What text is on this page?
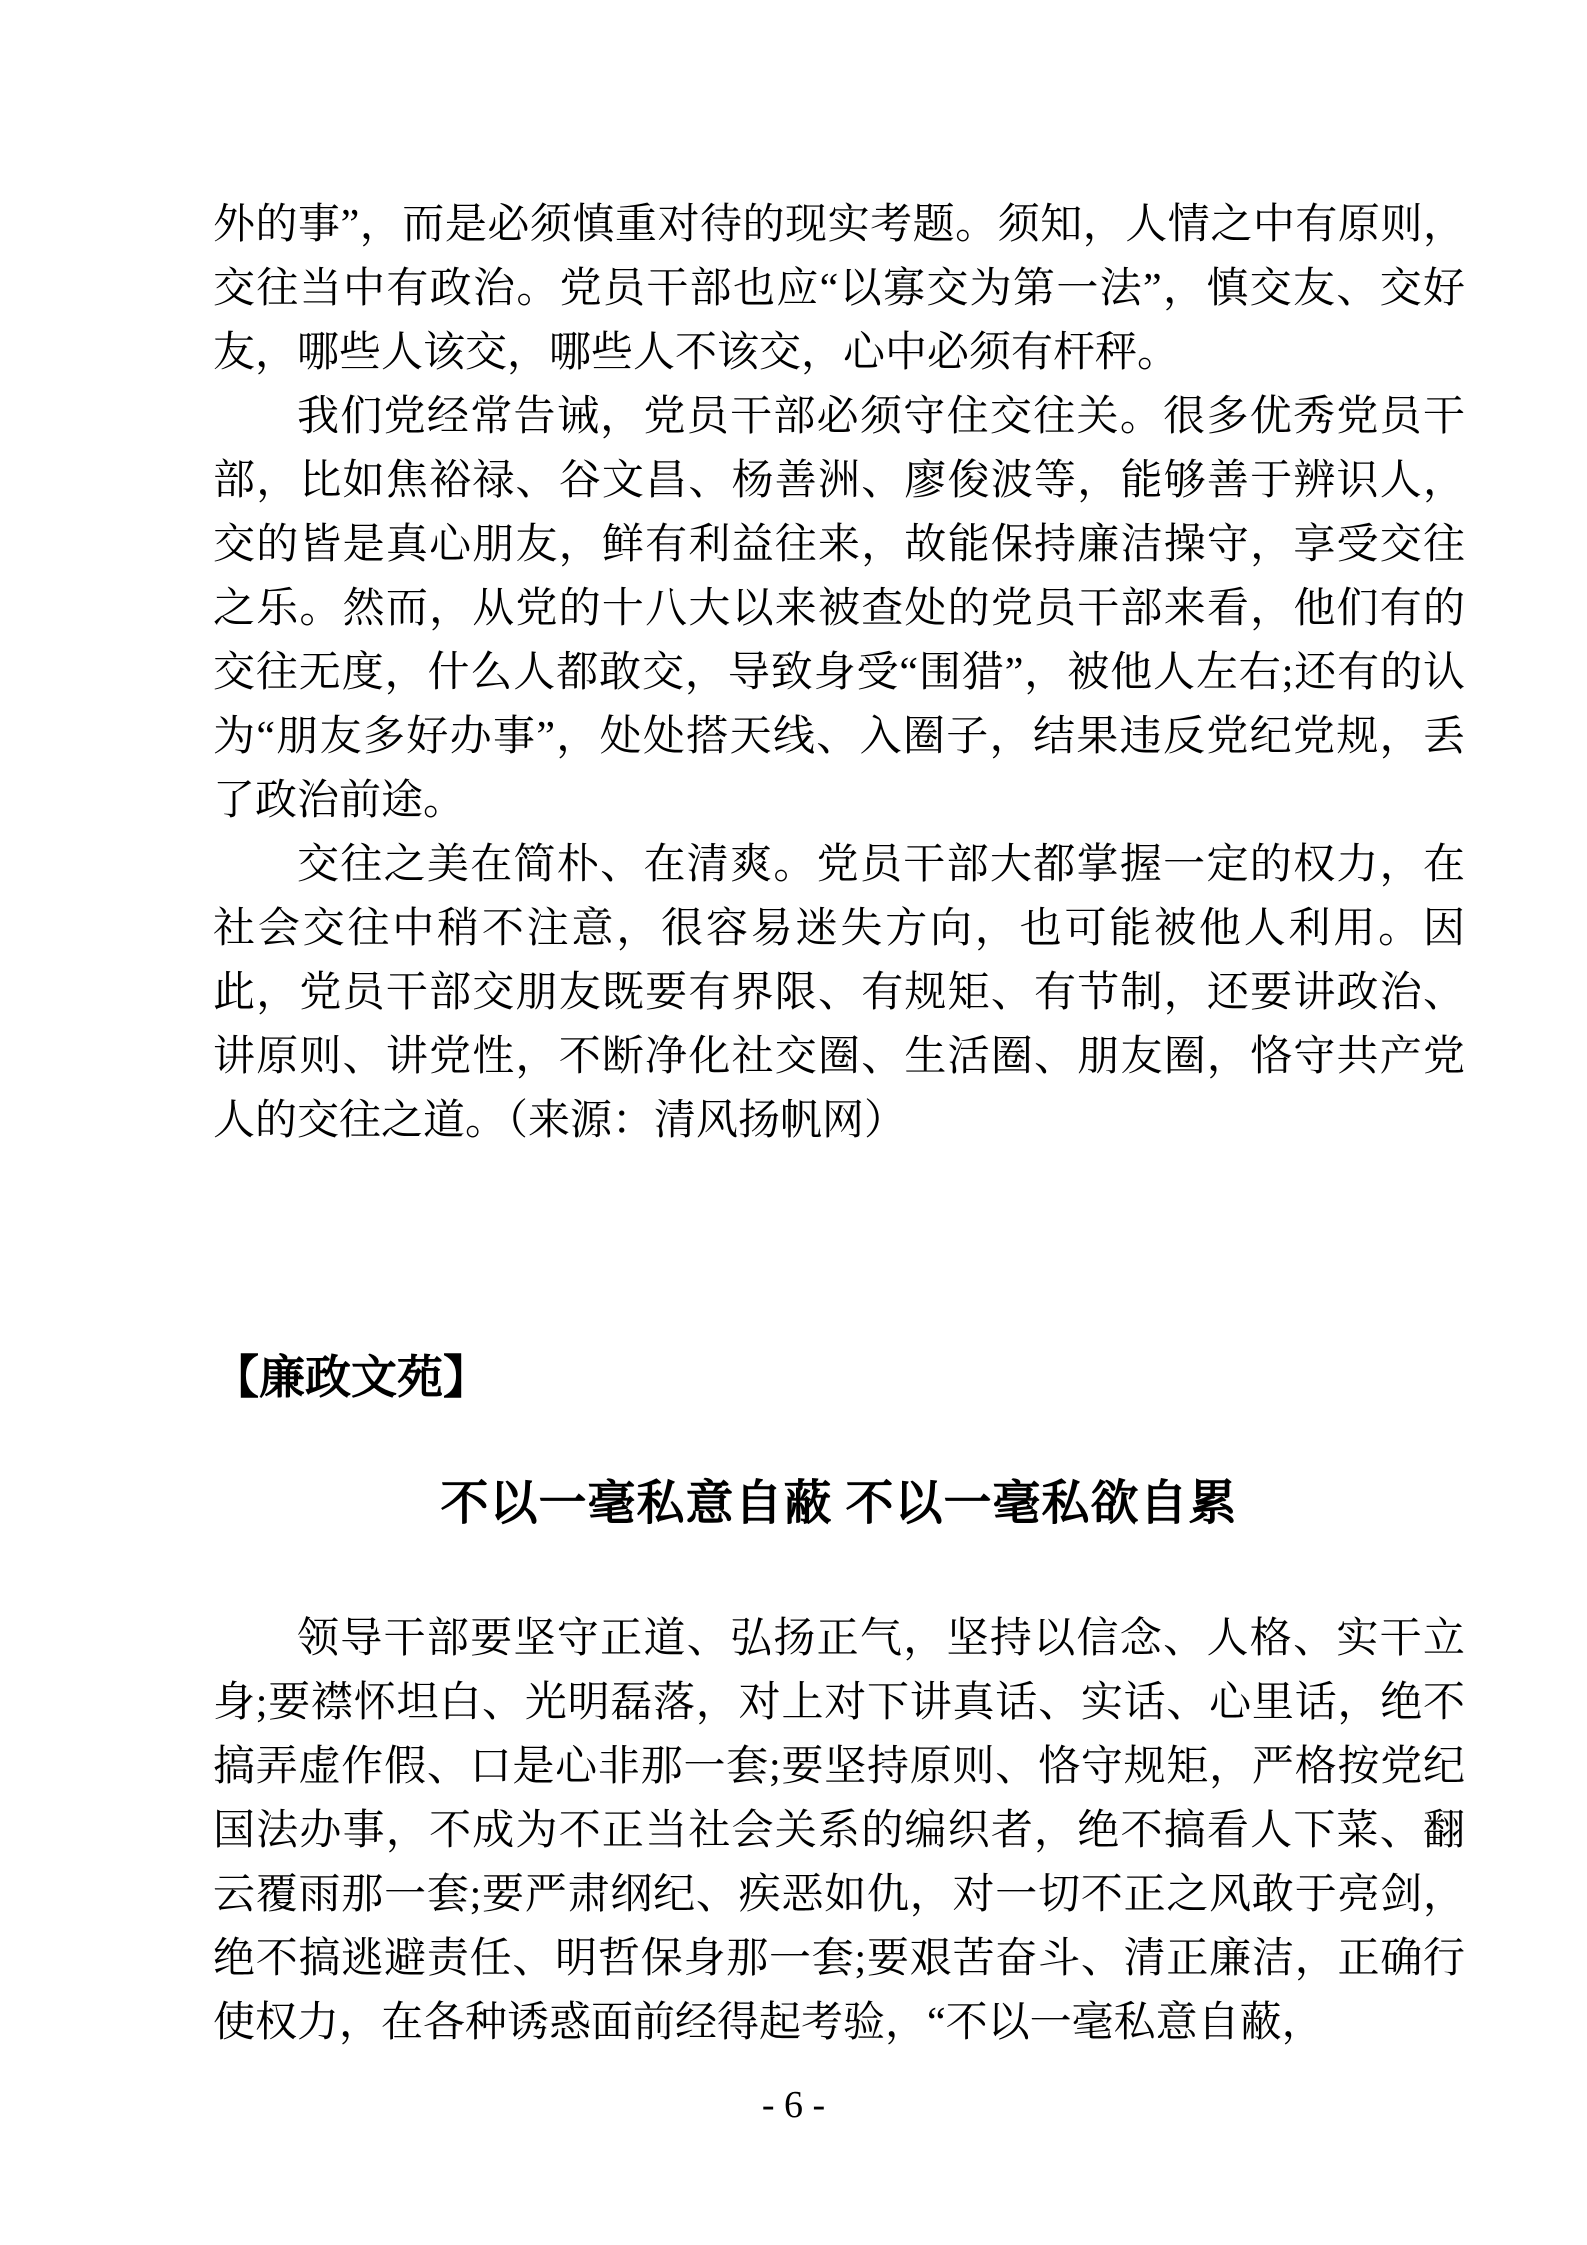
外的事”，而是必须慎重对待的现实考题。须知，人情之中有原则，交往当中有政治。党员干部也应“以寡交为第一法”，慎交友、交好友，哪些人该交，哪些人不该交，心中必须有杆秤。

我们党经常告诫，党员干部必须守住交往关。很多优秀党员干部，比如焦裕禄、谷文昌、杨善洲、廖俊波等，能够善于辨识人，交的皆是真心朋友，鲜有利益往来，故能保持廉洁操守，享受交往之乐。然而，从党的十八大以来被查处的党员干部来看，他们有的交往无度，什么人都敢交，导致身受“围猎”，被他人左右;还有的认为“朋友多好办事”，处处搭天线、入圈子，结果违反党纪党规，丢了政治前途。

交往之美在简朴、在清爽。党员干部大都掌握一定的权力，在社会交往中稍不注意，很容易迷失方向，也可能被他人利用。因此，党员干部交朋友既要有界限、有规矩、有节制，还要讲政治、讲原则、讲党性，不断净化社交圈、生活圈、朋友圈，恪守共产党人的交往之道。（来源：清风扬帆网）

【廉政文苑】
不以一毫私意自蔽 不以一毫私欲自累

领导干部要坚守正道、弘扬正气，坚持以信念、人格、实干立身;要襟怀坦白、光明磊落，对上对下讲真话、实话、心里话，绝不搞弄虚作假、口是心非那一套;要坚持原则、恪守规矩，严格按党纪国法办事，不成为不正当社会关系的编织者，绝不搞看人下菜、翻云覆雨那一套;要严肃纲纪、疾恶如仇，对一切不正之风敢于亮剑，绝不搞逃避责任、明哲保身那一套;要艰苦奋斗、清正廉洁，正确行使权力，在各种诱惑面前经得起考验，“不以一毫私意自蔽，

- 6 -
